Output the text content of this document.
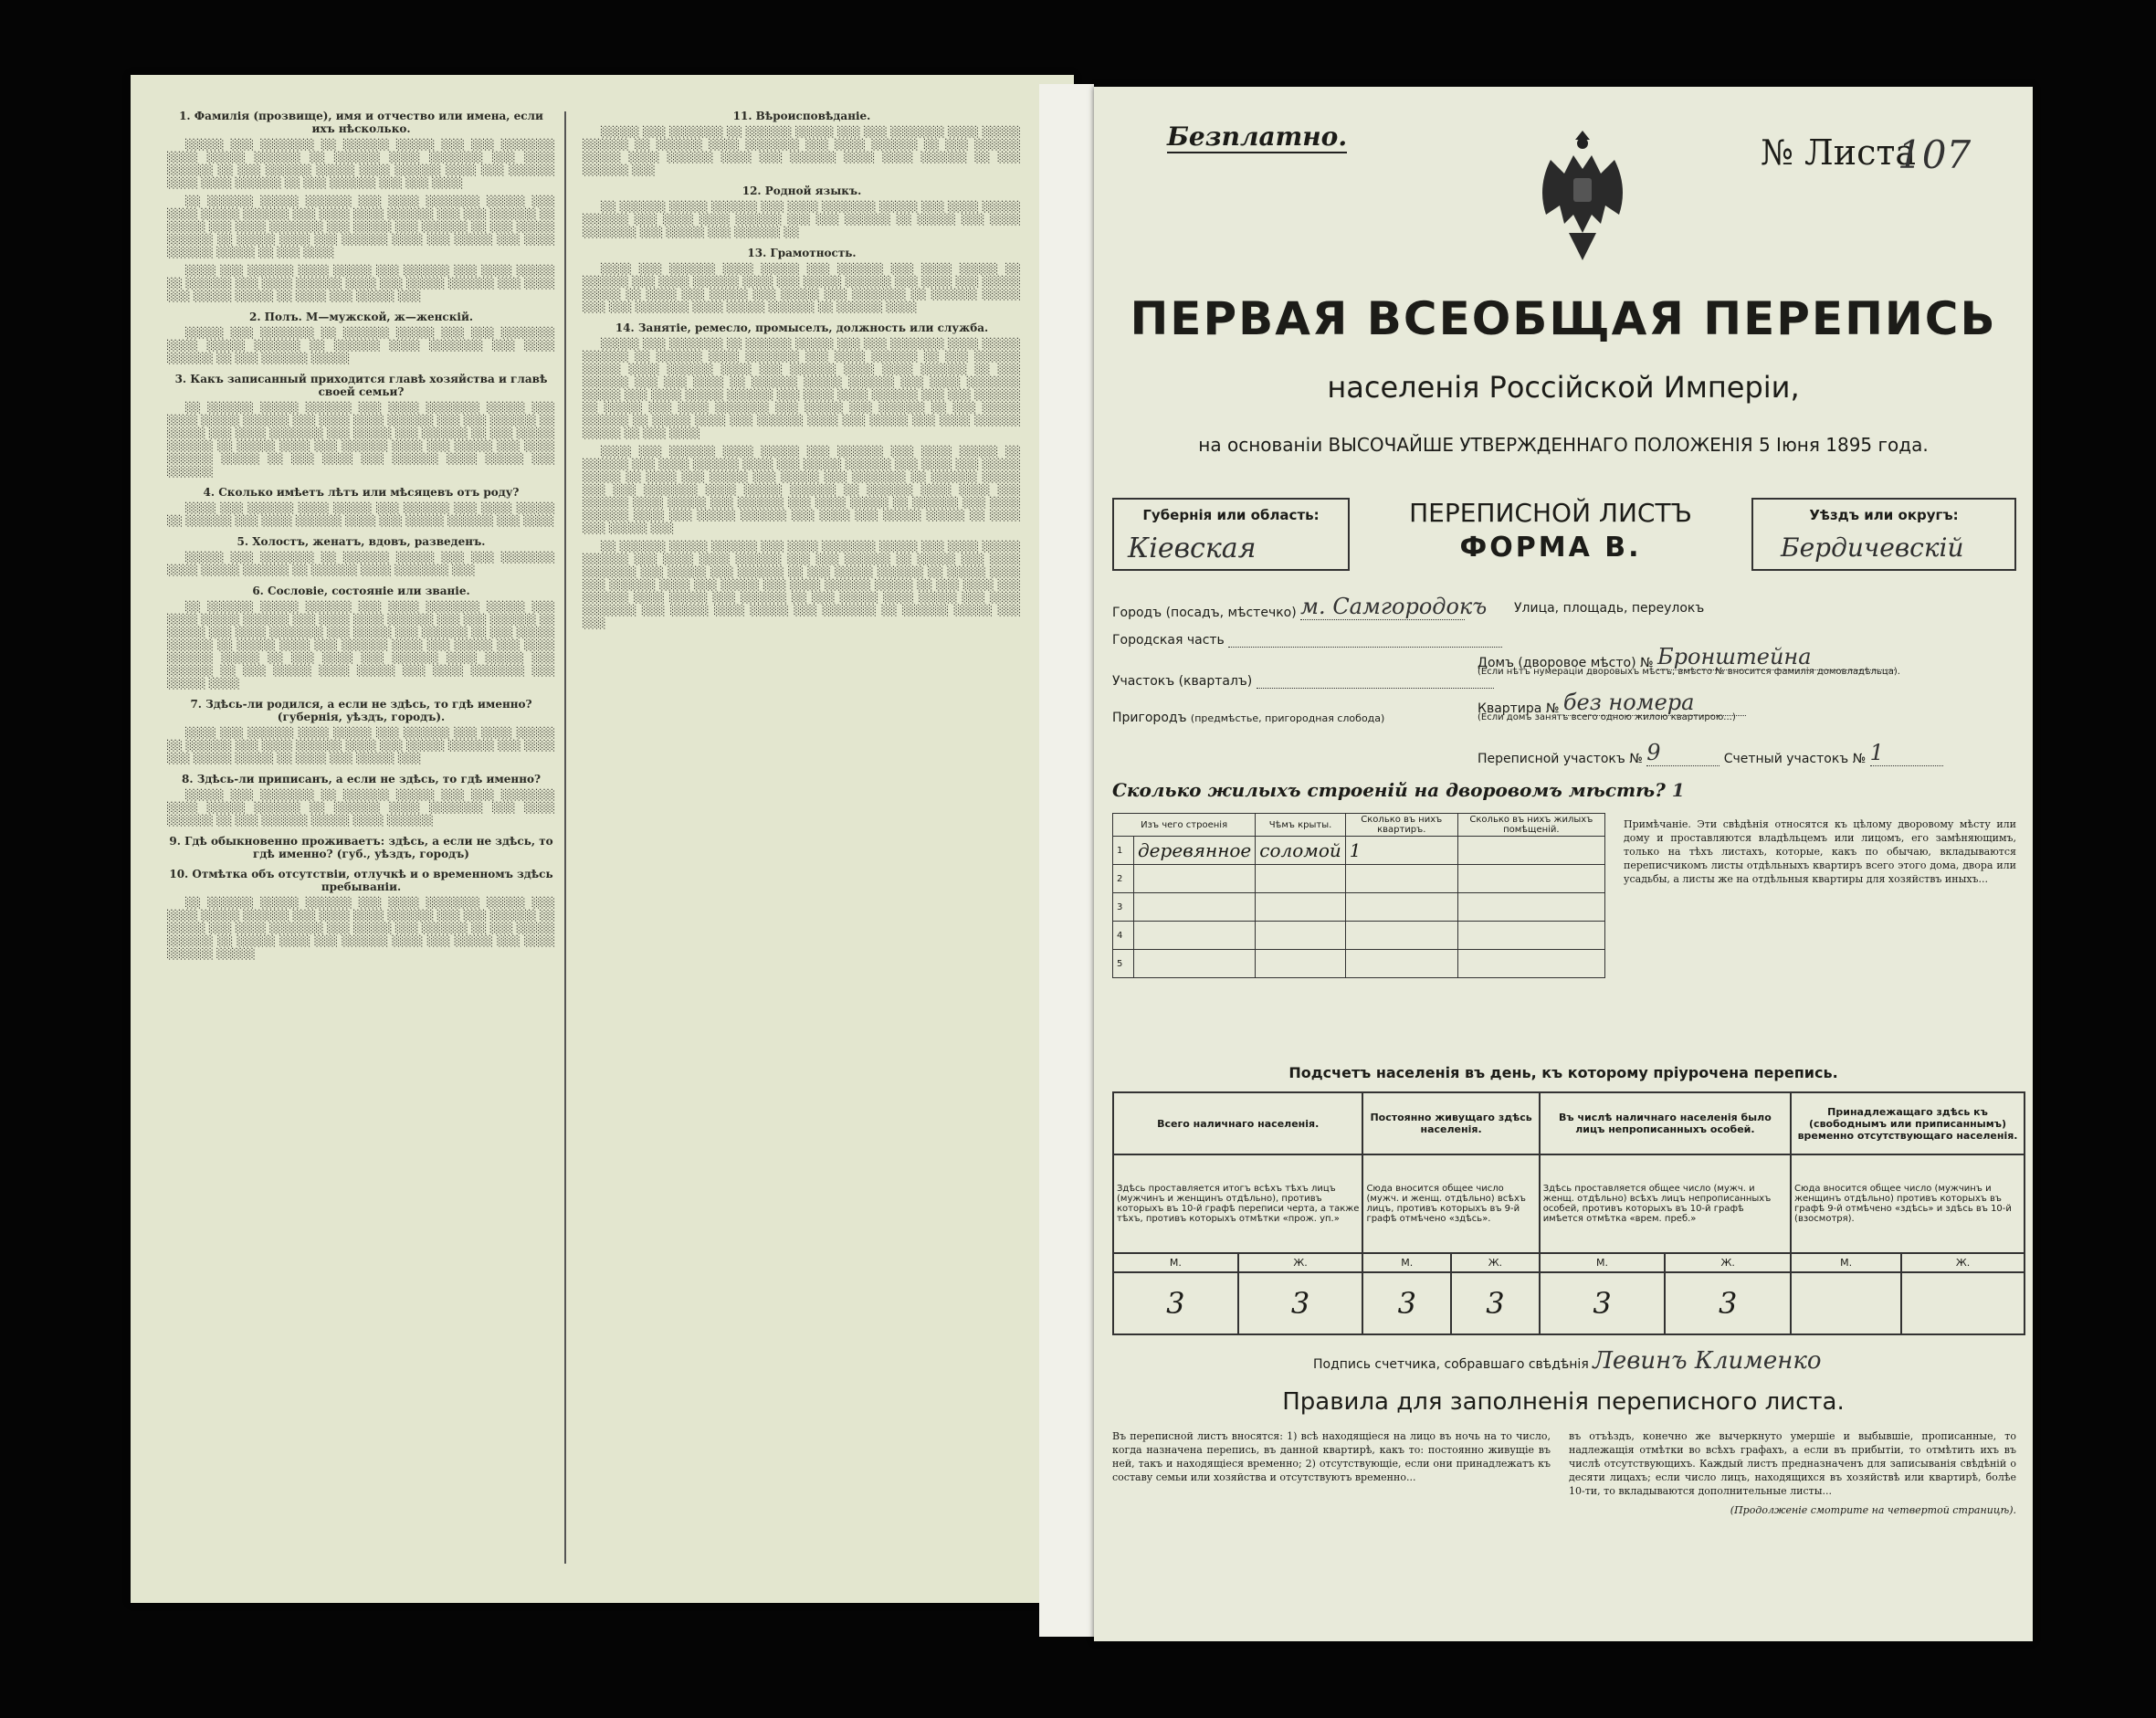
1. Фамилія (прозвище), имя и отчество или имена, если ихъ нѣсколько.

░░░░░ ░░░ ░░░░░░░ ░░ ░░░░░░ ░░░░░ ░░░ ░░░ ░░░░░░░ ░░░░ ░░░░░ ░░░░░░ ░░ ░░░░░░ ░░░░ ░░░░░░░ ░░░ ░░░░ ░░░░░░ ░░ ░░░ ░░░░░░ ░░░░░ ░░░░ ░░░░░░ ░░░░ ░░░ ░░░░░░ ░░░░ ░░░░ ░░░░░░ ░░ ░░░ ░░░░░░ ░░░ ░░░ ░░░░

░░ ░░░░░░ ░░░░░ ░░░░░░ ░░░ ░░░░ ░░░░░░░ ░░░░░ ░░░ ░░░░ ░░░░░ ░░░░░░ ░░░ ░░░░ ░░░░ ░░░░░░ ░░░ ░░░ ░░░░░░ ░░ ░░░░░ ░░░ ░░░░ ░░░░░░░ ░░░ ░░░░░ ░░░ ░░░░░░ ░░ ░░░ ░░░░░ ░░░░░░ ░░ ░░░░░ ░░░░ ░░░ ░░░░░░ ░░░░ ░░░ ░░░░░ ░░░ ░░░░ ░░░░░░ ░░░░░ ░░ ░░░ ░░░░

░░░░ ░░░ ░░░░░░ ░░░░ ░░░░░ ░░░ ░░░░░░ ░░░ ░░░░ ░░░░░ ░░ ░░░░░░ ░░░ ░░░░ ░░░░░░ ░░░░ ░░░ ░░░░░ ░░░░░░ ░░░ ░░░░ ░░░ ░░░░░ ░░░░░ ░░ ░░░░ ░░░ ░░░░░ ░░░

2. Полъ. М—мужской, ж—женскій.

░░░░░ ░░░ ░░░░░░░ ░░ ░░░░░░ ░░░░░ ░░░ ░░░ ░░░░░░░ ░░░░ ░░░░░ ░░░░░░ ░░ ░░░░░░ ░░░░ ░░░░░░░ ░░░ ░░░░ ░░░░░░ ░░ ░░░ ░░░░░░ ░░░░░

3. Какъ записанный приходится главѣ хозяйства и главѣ своей семьи?

░░ ░░░░░░ ░░░░░ ░░░░░░ ░░░ ░░░░ ░░░░░░░ ░░░░░ ░░░ ░░░░ ░░░░░ ░░░░░░ ░░░ ░░░░ ░░░░ ░░░░░░ ░░░ ░░░ ░░░░░░ ░░ ░░░░░ ░░░ ░░░░ ░░░░░░░ ░░░ ░░░░░ ░░░ ░░░░░░ ░░ ░░░ ░░░░░ ░░░░░░ ░░ ░░░░░ ░░░░ ░░░ ░░░░░░ ░░░░ ░░░ ░░░░░ ░░░ ░░░░ ░░░░░░ ░░░░░ ░░ ░░░ ░░░░ ░░░ ░░░░░░ ░░░░ ░░░░░ ░░░ ░░░░░░

4. Сколько имѣетъ лѣтъ или мѣсяцевъ отъ роду?

░░░░ ░░░ ░░░░░░ ░░░░ ░░░░░ ░░░ ░░░░░░ ░░░ ░░░░ ░░░░░ ░░ ░░░░░░ ░░░ ░░░░ ░░░░░░ ░░░░ ░░░ ░░░░░ ░░░░░░ ░░░ ░░░░

5. Холостъ, женатъ, вдовъ, разведенъ.

░░░░░ ░░░ ░░░░░░░ ░░ ░░░░░░ ░░░░░ ░░░ ░░░ ░░░░░░░ ░░░░ ░░░░░ ░░░░░░ ░░ ░░░░░░ ░░░░ ░░░░░░░ ░░░

6. Сословіе, состояніе или званіе.

░░ ░░░░░░ ░░░░░ ░░░░░░ ░░░ ░░░░ ░░░░░░░ ░░░░░ ░░░ ░░░░ ░░░░░ ░░░░░░ ░░░ ░░░░ ░░░░ ░░░░░░ ░░░ ░░░ ░░░░░░ ░░ ░░░░░ ░░░ ░░░░ ░░░░░░░ ░░░ ░░░░░ ░░░ ░░░░░░ ░░ ░░░ ░░░░░ ░░░░░░ ░░ ░░░░░ ░░░░ ░░░ ░░░░░░ ░░░░ ░░░ ░░░░░ ░░░ ░░░░ ░░░░░░ ░░░░░ ░░ ░░░ ░░░░ ░░░ ░░░░░░ ░░░░ ░░░░░ ░░░ ░░░░░░ ░░ ░░░ ░░░░░ ░░░░ ░░░░░ ░░░ ░░░░ ░░░░░░░ ░░░ ░░░░░ ░░░░

7. Здѣсь-ли родился, а если не здѣсь, то гдѣ именно? (губернія, уѣздъ, городъ).

░░░░ ░░░ ░░░░░░ ░░░░ ░░░░░ ░░░ ░░░░░░ ░░░ ░░░░ ░░░░░ ░░ ░░░░░░ ░░░ ░░░░ ░░░░░░ ░░░░ ░░░ ░░░░░ ░░░░░░ ░░░ ░░░░ ░░░ ░░░░░ ░░░░░ ░░ ░░░░ ░░░ ░░░░░ ░░░

8. Здѣсь-ли приписанъ, а если не здѣсь, то гдѣ именно?

░░░░░ ░░░ ░░░░░░░ ░░ ░░░░░░ ░░░░░ ░░░ ░░░ ░░░░░░░ ░░░░ ░░░░░ ░░░░░░ ░░ ░░░░░░ ░░░░ ░░░░░░░ ░░░ ░░░░ ░░░░░░ ░░ ░░░ ░░░░░░ ░░░░░ ░░░░ ░░░░░░

9. Гдѣ обыкновенно проживаетъ: здѣсь, а если не здѣсь, то гдѣ именно? (губ., уѣздъ, городъ)
10. Отмѣтка объ отсутствіи, отлучкѣ и о временномъ здѣсь пребываніи.

░░ ░░░░░░ ░░░░░ ░░░░░░ ░░░ ░░░░ ░░░░░░░ ░░░░░ ░░░ ░░░░ ░░░░░ ░░░░░░ ░░░ ░░░░ ░░░░ ░░░░░░ ░░░ ░░░ ░░░░░░ ░░ ░░░░░ ░░░ ░░░░ ░░░░░░░ ░░░ ░░░░░ ░░░ ░░░░░░ ░░ ░░░ ░░░░░ ░░░░░░ ░░ ░░░░░ ░░░░ ░░░ ░░░░░░ ░░░░ ░░░ ░░░░░ ░░░ ░░░░ ░░░░░░ ░░░░░

11. Вѣроисповѣданіе.

░░░░░ ░░░ ░░░░░░░ ░░ ░░░░░░ ░░░░░ ░░░ ░░░ ░░░░░░░ ░░░░ ░░░░░ ░░░░░░ ░░ ░░░░░░ ░░░░ ░░░░░░░ ░░░ ░░░░ ░░░░░░ ░░ ░░░ ░░░░░░ ░░░░░ ░░░░ ░░░░░░ ░░░░ ░░░ ░░░░░░ ░░░░ ░░░░ ░░░░░░ ░░ ░░░ ░░░░░░ ░░░

12. Родной языкъ.

░░ ░░░░░░ ░░░░░ ░░░░░░ ░░░ ░░░░ ░░░░░░░ ░░░░░ ░░░ ░░░░ ░░░░░ ░░░░░░ ░░░ ░░░░ ░░░░ ░░░░░░ ░░░ ░░░ ░░░░░░ ░░ ░░░░░ ░░░ ░░░░ ░░░░░░░ ░░░ ░░░░░ ░░░ ░░░░░░ ░░

13. Грамотность.

░░░░ ░░░ ░░░░░░ ░░░░ ░░░░░ ░░░ ░░░░░░ ░░░ ░░░░ ░░░░░ ░░ ░░░░░░ ░░░ ░░░░ ░░░░░░ ░░░░ ░░░ ░░░░░ ░░░░░░ ░░░ ░░░░ ░░░ ░░░░░ ░░░░░ ░░ ░░░░ ░░░ ░░░░░ ░░░ ░░░░░ ░░░ ░░░░░░░ ░░ ░░░░░░ ░░░░░ ░░░ ░░░ ░░░░░░░ ░░░░ ░░░░░ ░░░░░░ ░░ ░░░░░░ ░░░░

14. Занятіе, ремесло, промыселъ, должность или служба.

░░░░░ ░░░ ░░░░░░░ ░░ ░░░░░░ ░░░░░ ░░░ ░░░ ░░░░░░░ ░░░░ ░░░░░ ░░░░░░ ░░ ░░░░░░ ░░░░ ░░░░░░░ ░░░ ░░░░ ░░░░░░ ░░ ░░░ ░░░░░░ ░░░░░ ░░░░ ░░░░░░ ░░░░ ░░░ ░░░░░░ ░░░░ ░░░░ ░░░░░░ ░░ ░░░ ░░░░░░ ░░░ ░░░ ░░░░ ░░ ░░░░░░ ░░░░░ ░░░░░░ ░░░ ░░░░ ░░░░░░░ ░░░░░ ░░░ ░░░░ ░░░░░ ░░░░░░ ░░░ ░░░░ ░░░░ ░░░░░░ ░░░ ░░░ ░░░░░░ ░░ ░░░░░ ░░░ ░░░░ ░░░░░░░ ░░░ ░░░░░ ░░░ ░░░░░░ ░░ ░░░ ░░░░░ ░░░░░░ ░░ ░░░░░ ░░░░ ░░░ ░░░░░░ ░░░░ ░░░ ░░░░░ ░░░ ░░░░ ░░░░░░ ░░░░░ ░░ ░░░ ░░░░

░░░░ ░░░ ░░░░░░ ░░░░ ░░░░░ ░░░ ░░░░░░ ░░░ ░░░░ ░░░░░ ░░ ░░░░░░ ░░░ ░░░░ ░░░░░░ ░░░░ ░░░ ░░░░░ ░░░░░░ ░░░ ░░░░ ░░░ ░░░░░ ░░░░░ ░░ ░░░░ ░░░ ░░░░░ ░░░ ░░░░░ ░░░ ░░░░░░░ ░░ ░░░░░░ ░░░░░ ░░░ ░░░ ░░░░░░░ ░░░░ ░░░░░ ░░░░░░ ░░ ░░░░░░ ░░░░ ░░░░ ░░░ ░░░░░░ ░░░░ ░░░░░ ░░░ ░░░░░░ ░░░ ░░░░ ░░░░░ ░░ ░░░░░░ ░░░ ░░░░ ░░░░░░ ░░░░ ░░░ ░░░░░ ░░░░░░ ░░░ ░░░░ ░░░ ░░░░░ ░░░░░ ░░ ░░░░ ░░░ ░░░░░ ░░░

░░ ░░░░░░ ░░░░░ ░░░░░░ ░░░ ░░░░ ░░░░░░░ ░░░░░ ░░░ ░░░░ ░░░░░ ░░░░░░ ░░░ ░░░░ ░░░░ ░░░░░░ ░░░ ░░░ ░░░░░░ ░░ ░░░░░ ░░░ ░░░░ ░░░░░░░ ░░░ ░░░░░ ░░░ ░░░░░░ ░░ ░░░ ░░░░░ ░░░░░░ ░░ ░░░░░ ░░░░ ░░░ ░░░░░░ ░░░░ ░░░ ░░░░░ ░░░ ░░░░ ░░░░░░ ░░░░░ ░░ ░░░ ░░░░ ░░░ ░░░░░░ ░░░░ ░░░░░ ░░░ ░░░░░░ ░░ ░░░ ░░░░░ ░░░░ ░░░░░ ░░░ ░░░░ ░░░░░░░ ░░░ ░░░░░ ░░░░ ░░░░░ ░░░ ░░░░░░░ ░░ ░░░░░░ ░░░░░ ░░░ ░░░

Безплатно.	№ Листа
107
ПЕРВАЯ ВСЕОБЩАЯ ПЕРЕПИСЬ
населенія Россійской Имперіи,
на основаніи ВЫСОЧАЙШЕ УТВЕРЖДЕННАГО ПОЛОЖЕНІЯ 5 Іюня 1895 года.
Губернія или область:
Кіевская
ПЕРЕПИСНОЙ ЛИСТЪ
ФОРМА В.
Уѣздъ или округъ:
Бердичевскій
Городъ (посадъ, мѣстечко) м. Самгородокъ Улица, площадь, переулокъ
Городская часть
Участокъ (кварталъ)
Пригородъ (предмѣстье, пригородная слобода)
Домъ (дворовое мѣсто) № Бронштейна
(Если нѣтъ нумераціи дворовыхъ мѣстъ, вмѣсто № вносится фамилія домовладѣльца).
Квартира № без номера
(Если домъ занятъ всего одною жилою квартирою...)
Переписной участокъ № 9	Счетный участокъ № 1
Сколько жилыхъ строеній на дворовомъ мѣстѣ? 1
Изъ чего строенія		Чѣмъ крыты.	Сколько въ нихъ квартиръ.	Сколько въ нихъ жилыхъ помѣщеній.
1	деревянное	соломой	1	
2				
3				
4				
5				
Примѣчаніе. Эти свѣдѣнія относятся къ цѣлому дворовому мѣсту или дому и проставляются владѣльцемъ или лицомъ, его замѣняющимъ, только на тѣхъ листахъ, которые, какъ по обычаю, вкладываются переписчикомъ листы отдѣльныхъ квартиръ всего этого дома, двора или усадьбы, а листы же на отдѣльныя квартиры для хозяйствъ иныхъ...
Подсчетъ населенія въ день, къ которому пріурочена перепись.
Всего наличнаго населенія.		Постоянно живущаго здѣсь населенія.		Въ числѣ наличнаго населенія было лицъ непрописанныхъ особей.		Принадлежащаго здѣсь къ (свободнымъ или приписаннымъ) временно отсутствующаго населенія.	
Здѣсь проставляется итогъ всѣхъ тѣхъ лицъ (мужчинъ и женщинъ отдѣльно), противъ которыхъ въ 10-й графѣ переписи черта, а также тѣхъ, противъ которыхъ отмѣтки «прож. уп.»		Сюда вносится общее число (мужч. и женщ. отдѣльно) всѣхъ лицъ, противъ которыхъ въ 9-й графѣ отмѣчено «здѣсь».		Здѣсь проставляется общее число (мужч. и женщ. отдѣльно) всѣхъ лицъ непрописанныхъ особей, противъ которыхъ въ 10-й графѣ имѣется отмѣтка «врем. преб.»		Сюда вносится общее число (мужчинъ и женщинъ отдѣльно) противъ которыхъ въ графѣ 9-й отмѣчено «здѣсь» и здѣсь въ 10-й (взосмотря).	
М.	Ж.	М.	Ж.	М.	Ж.	М.	Ж.
3	3	3	3	3	3		
Подпись счетчика, собравшаго свѣдѣнія Левинъ Клименко
Правила для заполненія переписного листа.
Въ переписной листъ вносятся: 1) всѣ находящіеся на лицо въ ночь на то число, когда назначена перепись, въ данной квартирѣ, какъ то: постоянно живущіе въ ней, такъ и находящіеся временно; 2) отсутствующіе, если они принадлежатъ къ составу семьи или хозяйства и отсутствуютъ временно...
въ отъѣздъ, конечно же вычеркнуто умершіе и выбывшіе, прописанные, то надлежащія отмѣтки во всѣхъ графахъ, а если въ прибытіи, то отмѣтить ихъ въ числѣ отсутствующихъ. Каждый листъ предназначенъ для записыванія свѣдѣній о десяти лицахъ; если число лицъ, находящихся въ хозяйствѣ или квартирѣ, болѣе 10-ти, то вкладываются дополнительные листы...
(Продолженіе смотрите на четвертой страницѣ).
